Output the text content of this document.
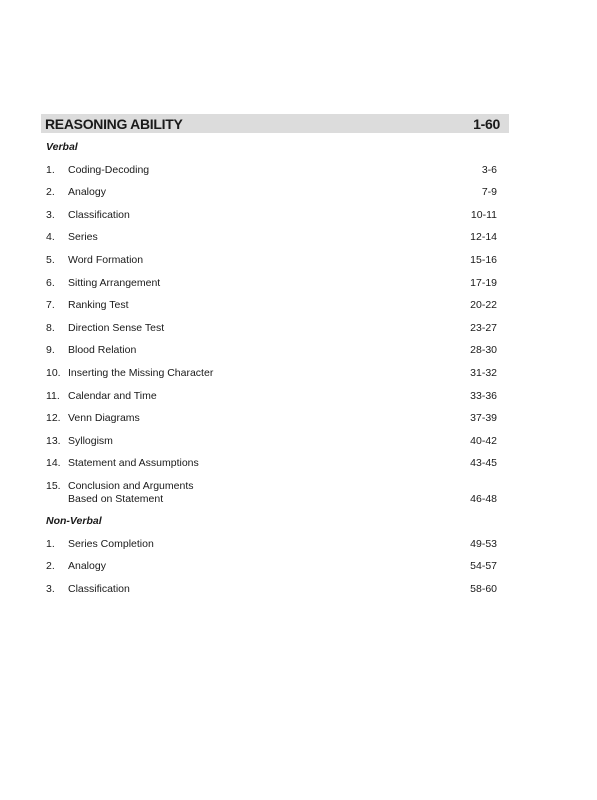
REASONING ABILITY	1-60
Verbal
1.	Coding-Decoding	3-6
2.	Analogy	7-9
3.	Classification	10-11
4.	Series	12-14
5.	Word Formation	15-16
6.	Sitting Arrangement	17-19
7.	Ranking Test	20-22
8.	Direction Sense Test	23-27
9.	Blood Relation	28-30
10. Inserting the Missing Character	31-32
11. Calendar and Time	33-36
12. Venn Diagrams	37-39
13. Syllogism	40-42
14. Statement and Assumptions	43-45
15. Conclusion and Arguments
Based on Statement	46-48
Non-Verbal
1.	Series Completion	49-53
2.	Analogy	54-57
3.	Classification	58-60
